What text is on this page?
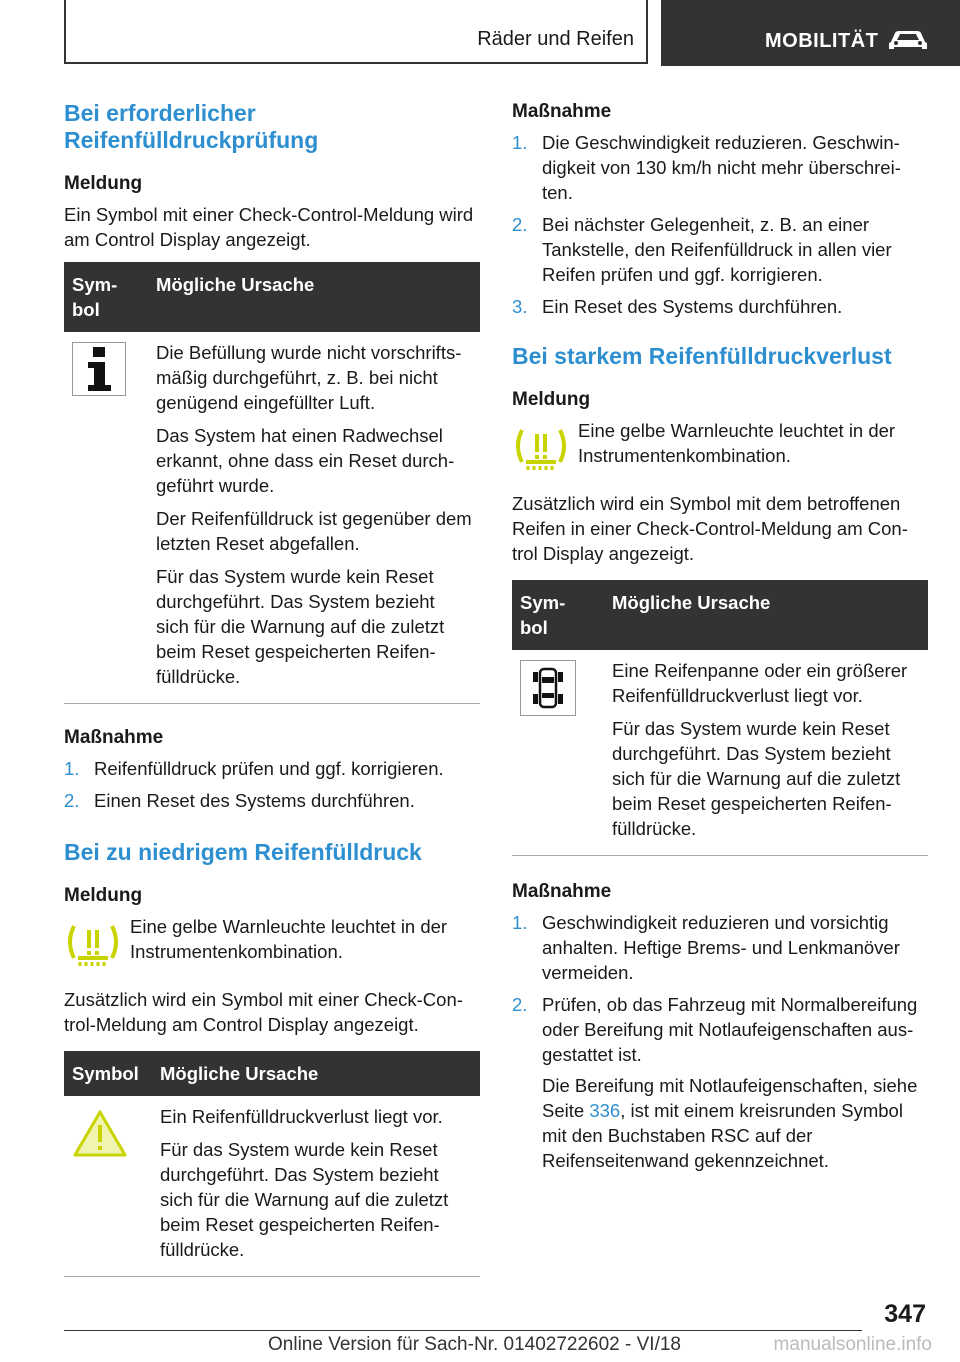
Räder und Reifen	MOBILITÄT
Bei erforderlicher Reifenfülldruckprüfung
Meldung

Ein Symbol mit einer Check-Control-Meldung wird am Control Display angezeigt.

Sym‐ bol	Mögliche Ursache

Die Befüllung wurde nicht vorschrifts‐ mäßig durchgeführt, z. B. bei nicht genügend eingefüllter Luft.

Das System hat einen Radwechsel erkannt, ohne dass ein Reset durch‐ geführt wurde.

Der Reifenfülldruck ist gegenüber dem letzten Reset abgefallen.

Für das System wurde kein Reset durchgeführt. Das System bezieht sich für die Warnung auf die zuletzt beim Reset gespeicherten Reifen‐ fülldrücke.

Maßnahme
1. Reifenfülldruck prüfen und ggf. korrigieren.
2. Einen Reset des Systems durchführen.
Bei zu niedrigem Reifenfülldruck
Meldung

Eine gelbe Warnleuchte leuchtet in der Instrumentenkombination.

Zusätzlich wird ein Symbol mit einer Check-Con‐ trol-Meldung am Control Display angezeigt.

Symbol	Mögliche Ursache

Ein Reifenfülldruckverlust liegt vor.

Für das System wurde kein Reset durchgeführt. Das System bezieht sich für die Warnung auf die zuletzt beim Reset gespeicherten Reifen‐ fülldrücke.

Maßnahme
1. Die Geschwindigkeit reduzieren. Geschwin‐ digkeit von 130 km/h nicht mehr überschrei‐ ten.
2. Bei nächster Gelegenheit, z. B. an einer Tankstelle, den Reifenfülldruck in allen vier Reifen prüfen und ggf. korrigieren.
3. Ein Reset des Systems durchführen.
Bei starkem Reifenfülldruckverlust
Meldung

Eine gelbe Warnleuchte leuchtet in der Instrumentenkombination.

Zusätzlich wird ein Symbol mit dem betroffenen Reifen in einer Check-Control-Meldung am Con‐ trol Display angezeigt.

Sym‐ bol	Mögliche Ursache

Eine Reifenpanne oder ein größerer Reifenfülldruckverlust liegt vor.

Für das System wurde kein Reset durchgeführt. Das System bezieht sich für die Warnung auf die zuletzt beim Reset gespeicherten Reifen‐ fülldrücke.

Maßnahme
1. Geschwindigkeit reduzieren und vorsichtig anhalten. Heftige Brems- und Lenkmanöver vermeiden.
2. Prüfen, ob das Fahrzeug mit Normalbereifung oder Bereifung mit Notlaufeigenschaften aus‐ gestattet ist.

Die Bereifung mit Notlaufeigenschaften, siehe Seite 336, ist mit einem kreisrunden Symbol mit den Buchstaben RSC auf der Reifenseitenwand gekennzeichnet.

347
Online Version für Sach-Nr. 01402722602 - VI/18	manualsonline.info
